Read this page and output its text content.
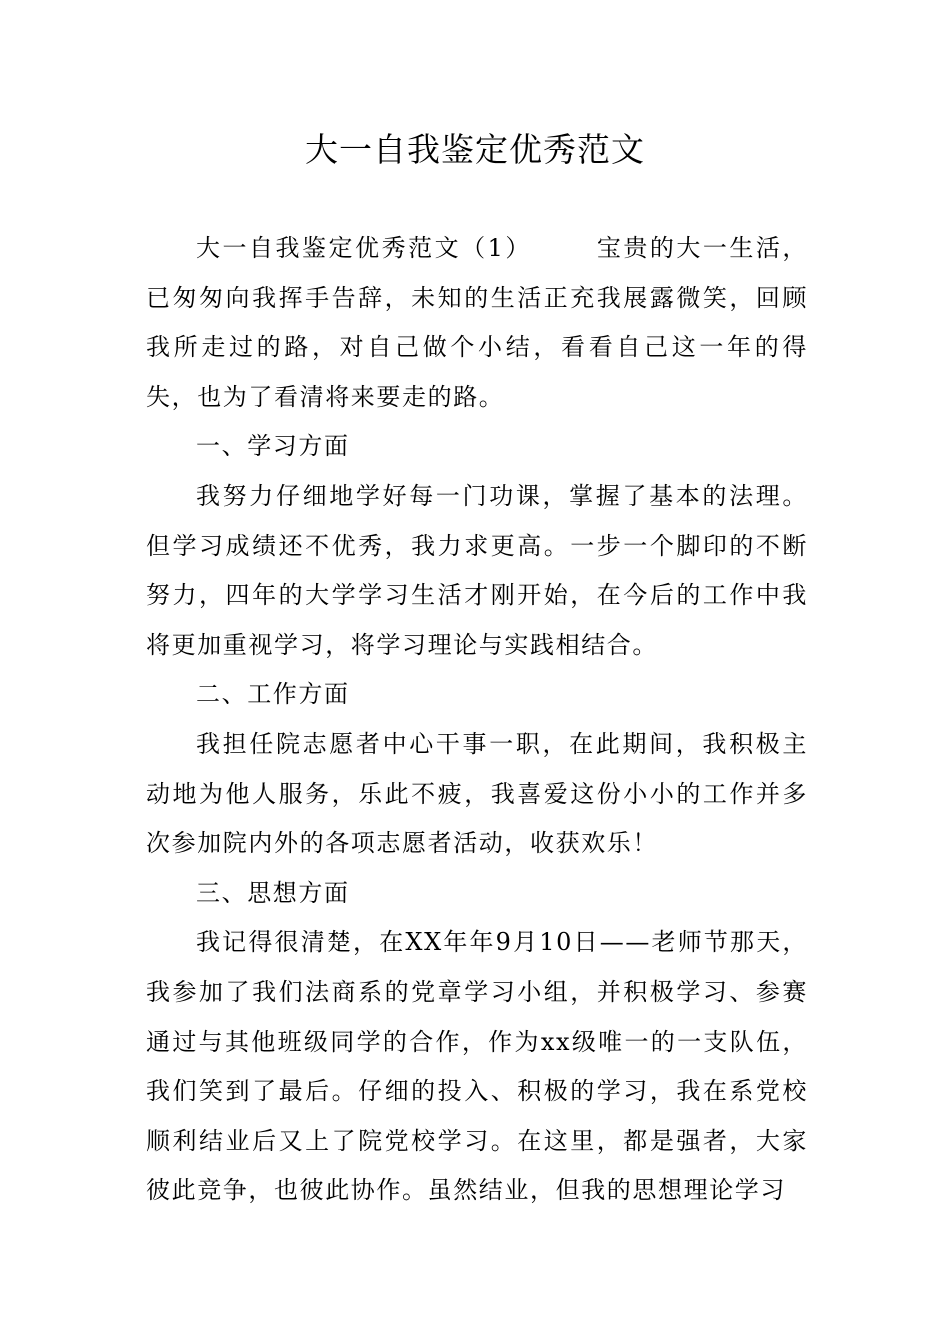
大一自我鉴定优秀范文

大一自我鉴定优秀范文（1）	宝贵的大一生活，已匆匆向我挥手告辞，未知的生活正充我展露微笑，回顾我所走过的路，对自己做个小结，看看自己这一年的得失，也为了看清将来要走的路。

一、学习方面

我努力仔细地学好每一门功课，掌握了基本的法理。但学习成绩还不优秀，我力求更高。一步一个脚印的不断努力，四年的大学学习生活才刚开始，在今后的工作中我将更加重视学习，将学习理论与实践相结合。

二、工作方面

我担任院志愿者中心干事一职，在此期间，我积极主动地为他人服务，乐此不疲，我喜爱这份小小的工作并多次参加院内外的各项志愿者活动，收获欢乐！

三、思想方面

我记得很清楚，在XX年年9月10日——老师节那天，我参加了我们法商系的党章学习小组，并积极学习、参赛通过与其他班级同学的合作，作为xx级唯一的一支队伍，我们笑到了最后。仔细的投入、积极的学习，我在系党校顺利结业后又上了院党校学习。在这里，都是强者，大家彼此竞争，也彼此协作。虽然结业，但我的思想理论学习
